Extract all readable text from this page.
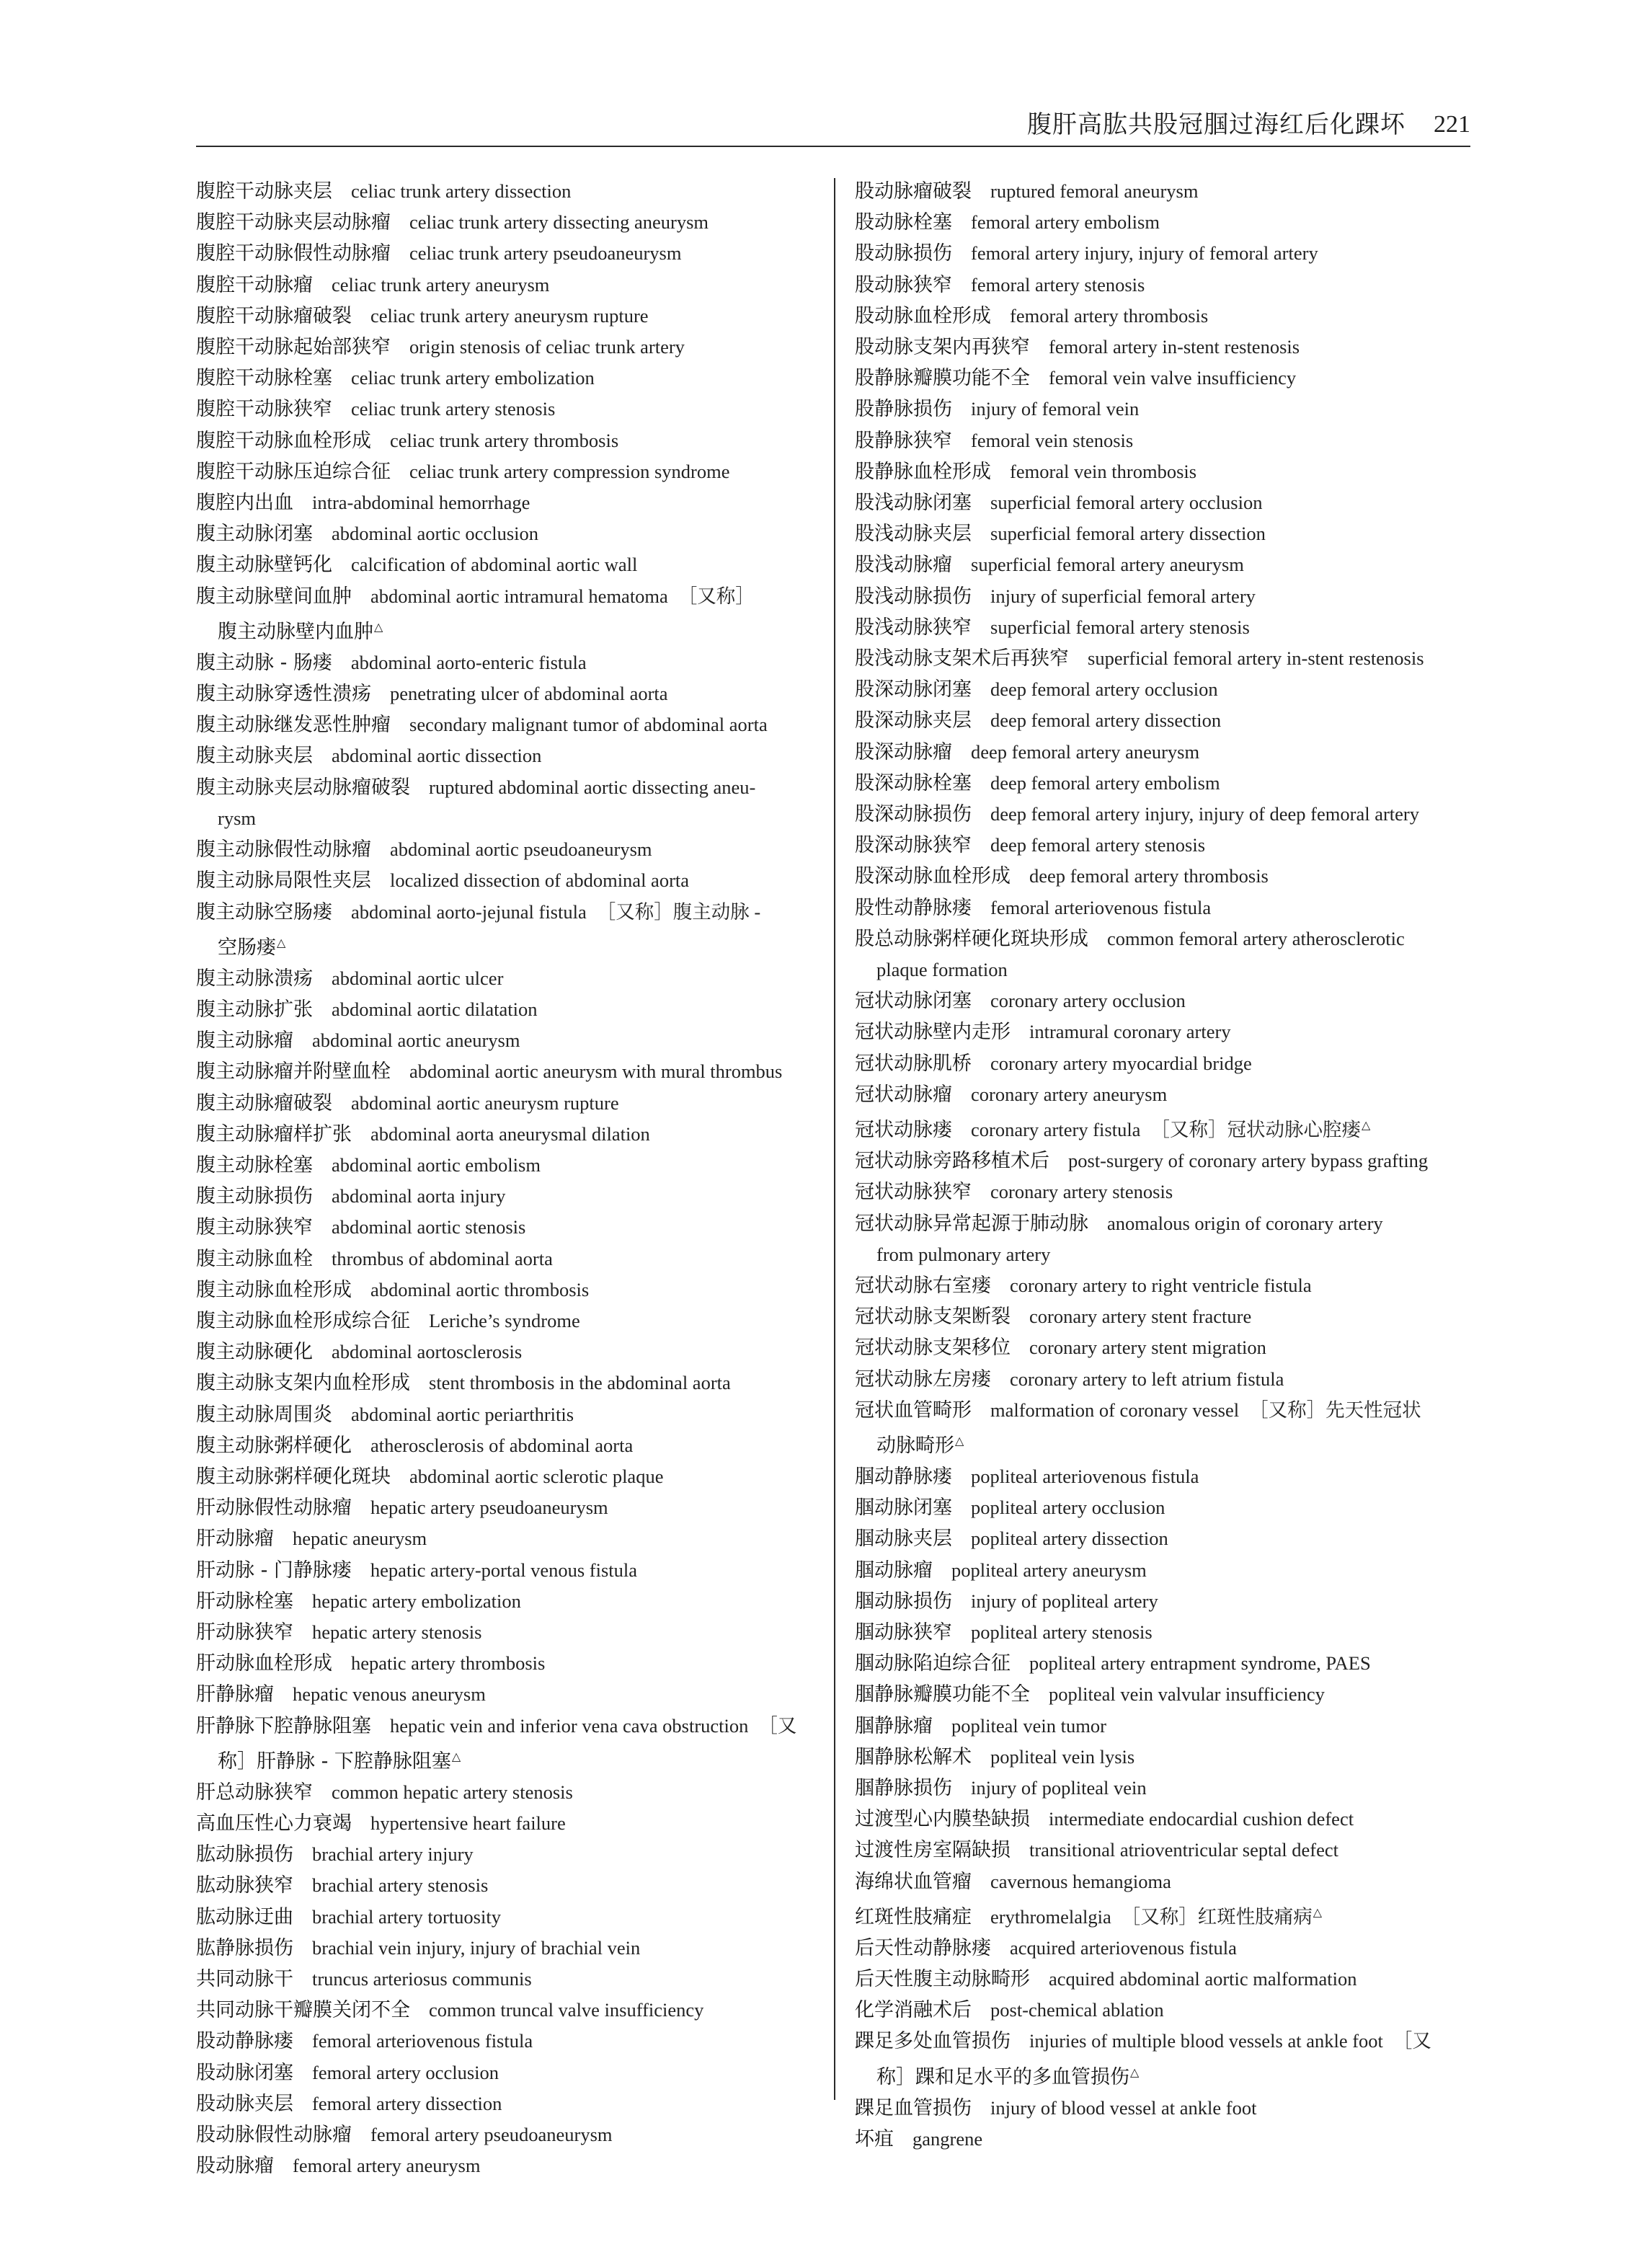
腹肝高肱共股冠腘过海红后化踝坏 221
腹腔干动脉夹层 celiac trunk artery dissection
腹腔干动脉夹层动脉瘤 celiac trunk artery dissecting aneurysm
腹腔干动脉假性动脉瘤 celiac trunk artery pseudoaneurysm
腹腔干动脉瘤 celiac trunk artery aneurysm
腹腔干动脉瘤破裂 celiac trunk artery aneurysm rupture
腹腔干动脉起始部狭窄 origin stenosis of celiac trunk artery
腹腔干动脉栓塞 celiac trunk artery embolization
腹腔干动脉狭窄 celiac trunk artery stenosis
腹腔干动脉血栓形成 celiac trunk artery thrombosis
腹腔干动脉压迫综合征 celiac trunk artery compression syndrome
腹腔内出血 intra-abdominal hemorrhage
腹主动脉闭塞 abdominal aortic occlusion
腹主动脉壁钙化 calcification of abdominal aortic wall
腹主动脉壁间血肿 abdominal aortic intramural hematoma ［又称］
腹主动脉壁内血肿△
腹主动脉 - 肠瘘 abdominal aorto-enteric fistula
腹主动脉穿透性溃疡 penetrating ulcer of abdominal aorta
腹主动脉继发恶性肿瘤 secondary malignant tumor of abdominal aorta
腹主动脉夹层 abdominal aortic dissection
腹主动脉夹层动脉瘤破裂 ruptured abdominal aortic dissecting aneu-
rysm
腹主动脉假性动脉瘤 abdominal aortic pseudoaneurysm
腹主动脉局限性夹层 localized dissection of abdominal aorta
腹主动脉空肠瘘 abdominal aorto-jejunal fistula ［又称］腹主动脉 -
空肠瘘△
腹主动脉溃疡 abdominal aortic ulcer
腹主动脉扩张 abdominal aortic dilatation
腹主动脉瘤 abdominal aortic aneurysm
腹主动脉瘤并附壁血栓 abdominal aortic aneurysm with mural thrombus
腹主动脉瘤破裂 abdominal aortic aneurysm rupture
腹主动脉瘤样扩张 abdominal aorta aneurysmal dilation
腹主动脉栓塞 abdominal aortic embolism
腹主动脉损伤 abdominal aorta injury
腹主动脉狭窄 abdominal aortic stenosis
腹主动脉血栓 thrombus of abdominal aorta
腹主动脉血栓形成 abdominal aortic thrombosis
腹主动脉血栓形成综合征 Leriche’s syndrome
腹主动脉硬化 abdominal aortosclerosis
腹主动脉支架内血栓形成 stent thrombosis in the abdominal aorta
腹主动脉周围炎 abdominal aortic periarthritis
腹主动脉粥样硬化 atherosclerosis of abdominal aorta
腹主动脉粥样硬化斑块 abdominal aortic sclerotic plaque
肝动脉假性动脉瘤 hepatic artery pseudoaneurysm
肝动脉瘤 hepatic aneurysm
肝动脉 - 门静脉瘘 hepatic artery-portal venous fistula
肝动脉栓塞 hepatic artery embolization
肝动脉狭窄 hepatic artery stenosis
肝动脉血栓形成 hepatic artery thrombosis
肝静脉瘤 hepatic venous aneurysm
肝静脉下腔静脉阻塞 hepatic vein and inferior vena cava obstruction ［又
称］肝静脉 - 下腔静脉阻塞△
肝总动脉狭窄 common hepatic artery stenosis
高血压性心力衰竭 hypertensive heart failure
肱动脉损伤 brachial artery injury
肱动脉狭窄 brachial artery stenosis
肱动脉迂曲 brachial artery tortuosity
肱静脉损伤 brachial vein injury, injury of brachial vein
共同动脉干 truncus arteriosus communis
共同动脉干瓣膜关闭不全 common truncal valve insufficiency
股动静脉瘘 femoral arteriovenous fistula
股动脉闭塞 femoral artery occlusion
股动脉夹层 femoral artery dissection
股动脉假性动脉瘤 femoral artery pseudoaneurysm
股动脉瘤 femoral artery aneurysm
股动脉瘤破裂 ruptured femoral aneurysm
股动脉栓塞 femoral artery embolism
股动脉损伤 femoral artery injury, injury of femoral artery
股动脉狭窄 femoral artery stenosis
股动脉血栓形成 femoral artery thrombosis
股动脉支架内再狭窄 femoral artery in-stent restenosis
股静脉瓣膜功能不全 femoral vein valve insufficiency
股静脉损伤 injury of femoral vein
股静脉狭窄 femoral vein stenosis
股静脉血栓形成 femoral vein thrombosis
股浅动脉闭塞 superficial femoral artery occlusion
股浅动脉夹层 superficial femoral artery dissection
股浅动脉瘤 superficial femoral artery aneurysm
股浅动脉损伤 injury of superficial femoral artery
股浅动脉狭窄 superficial femoral artery stenosis
股浅动脉支架术后再狭窄 superficial femoral artery in-stent restenosis
股深动脉闭塞 deep femoral artery occlusion
股深动脉夹层 deep femoral artery dissection
股深动脉瘤 deep femoral artery aneurysm
股深动脉栓塞 deep femoral artery embolism
股深动脉损伤 deep femoral artery injury, injury of deep femoral artery
股深动脉狭窄 deep femoral artery stenosis
股深动脉血栓形成 deep femoral artery thrombosis
股性动静脉瘘 femoral arteriovenous fistula
股总动脉粥样硬化斑块形成 common femoral artery atherosclerotic
plaque formation
冠状动脉闭塞 coronary artery occlusion
冠状动脉壁内走形 intramural coronary artery
冠状动脉肌桥 coronary artery myocardial bridge
冠状动脉瘤 coronary artery aneurysm
冠状动脉瘘 coronary artery fistula ［又称］冠状动脉心腔瘘△
冠状动脉旁路移植术后 post-surgery of coronary artery bypass grafting
冠状动脉狭窄 coronary artery stenosis
冠状动脉异常起源于肺动脉 anomalous origin of coronary artery
from pulmonary artery
冠状动脉右室瘘 coronary artery to right ventricle fistula
冠状动脉支架断裂 coronary artery stent fracture
冠状动脉支架移位 coronary artery stent migration
冠状动脉左房瘘 coronary artery to left atrium fistula
冠状血管畸形 malformation of coronary vessel ［又称］先天性冠状
动脉畸形△
腘动静脉瘘 popliteal arteriovenous fistula
腘动脉闭塞 popliteal artery occlusion
腘动脉夹层 popliteal artery dissection
腘动脉瘤 popliteal artery aneurysm
腘动脉损伤 injury of popliteal artery
腘动脉狭窄 popliteal artery stenosis
腘动脉陷迫综合征 popliteal artery entrapment syndrome, PAES
腘静脉瓣膜功能不全 popliteal vein valvular insufficiency
腘静脉瘤 popliteal vein tumor
腘静脉松解术 popliteal vein lysis
腘静脉损伤 injury of popliteal vein
过渡型心内膜垫缺损 intermediate endocardial cushion defect
过渡性房室隔缺损 transitional atrioventricular septal defect
海绵状血管瘤 cavernous hemangioma
红斑性肢痛症 erythromelalgia ［又称］红斑性肢痛病△
后天性动静脉瘘 acquired arteriovenous fistula
后天性腹主动脉畸形 acquired abdominal aortic malformation
化学消融术后 post-chemical ablation
踝足多处血管损伤 injuries of multiple blood vessels at ankle foot ［又
称］踝和足水平的多血管损伤△
踝足血管损伤 injury of blood vessel at ankle foot
坏疽 gangrene
